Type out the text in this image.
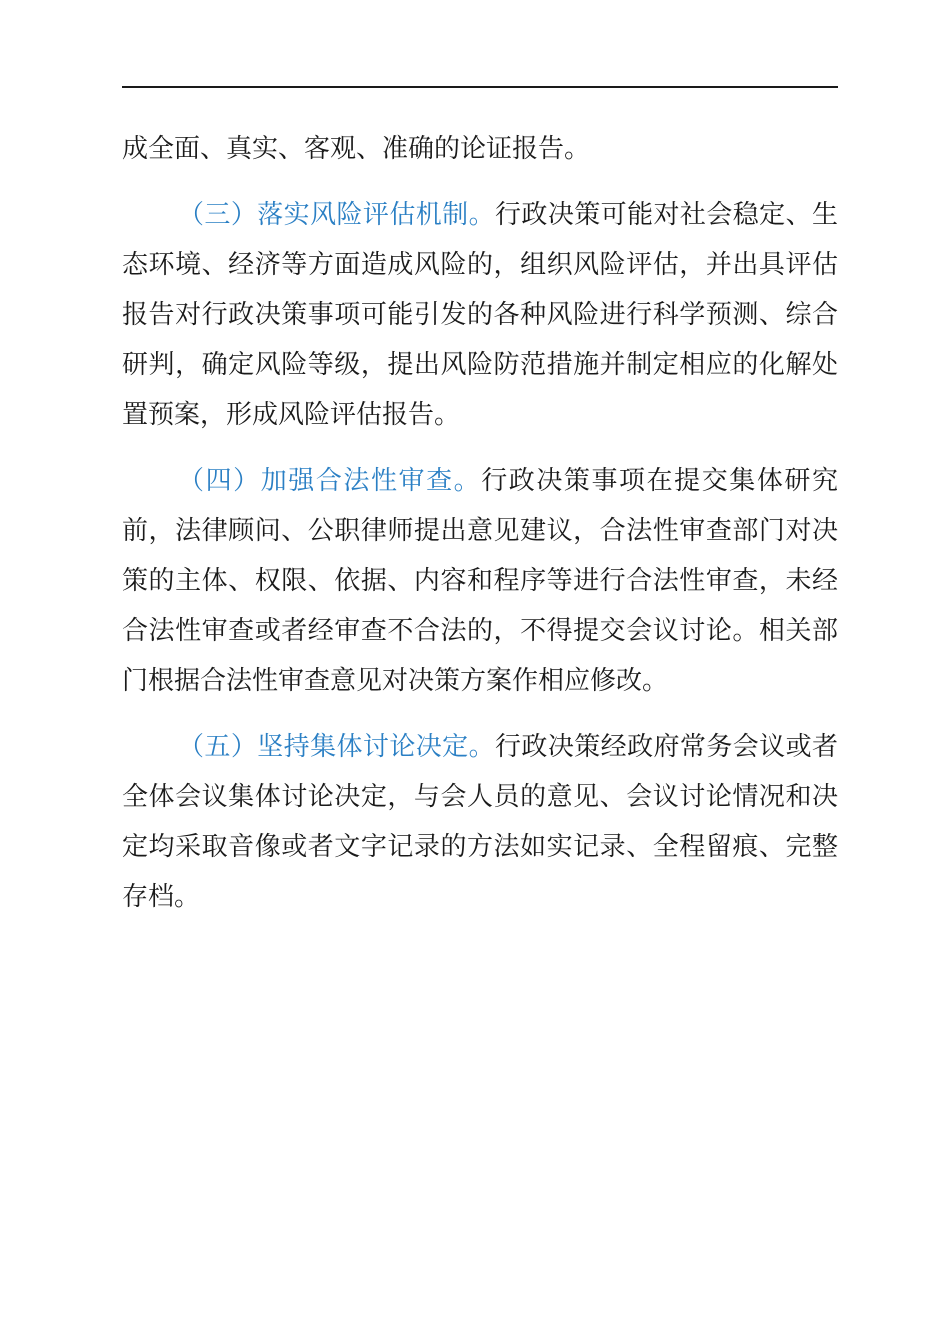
成全面、真实、客观、准确的论证报告。

（三）落实风险评估机制。行政决策可能对社会稳定、生态环境、经济等方面造成风险的，组织风险评估，并出具评估报告对行政决策事项可能引发的各种风险进行科学预测、综合研判，确定风险等级，提出风险防范措施并制定相应的化解处置预案，形成风险评估报告。

（四）加强合法性审查。行政决策事项在提交集体研究前，法律顾问、公职律师提出意见建议，合法性审查部门对决策的主体、权限、依据、内容和程序等进行合法性审查，未经合法性审查或者经审查不合法的，不得提交会议讨论。相关部门根据合法性审查意见对决策方案作相应修改。

（五）坚持集体讨论决定。行政决策经政府常务会议或者全体会议集体讨论决定，与会人员的意见、会议讨论情况和决定均采取音像或者文字记录的方法如实记录、全程留痕、完整存档。
